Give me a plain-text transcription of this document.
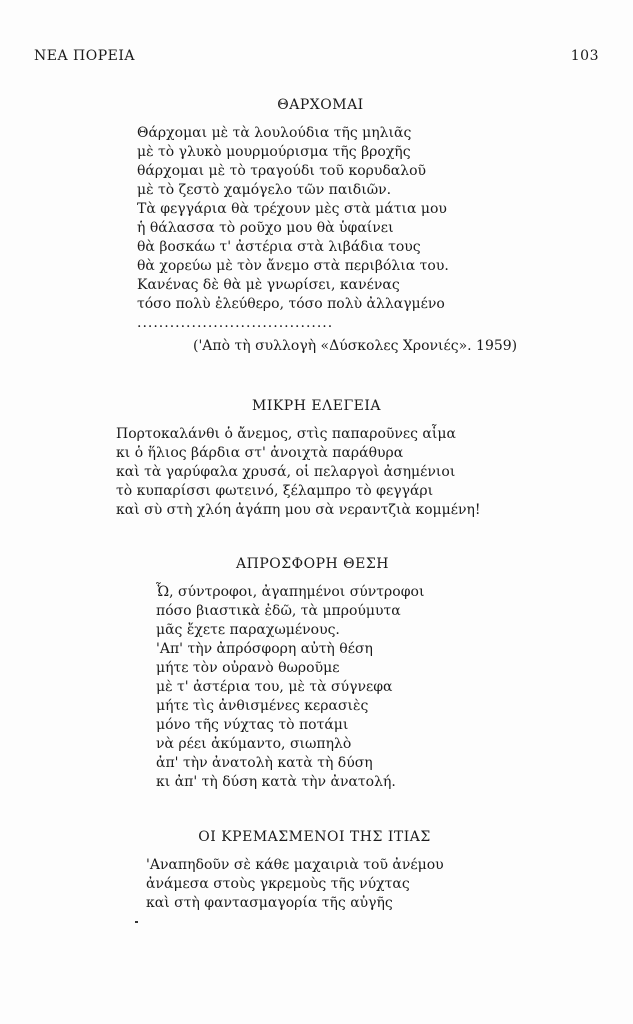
ΝΕΑ ΠΟΡΕΙΑ	103
ΘΑΡΧΟΜΑΙ
Θάρχομαι μὲ τὰ λουλούδια τῆς μηλιᾶς
μὲ τὸ γλυκὸ μουρμούρισμα τῆς βροχῆς
θάρχομαι μὲ τὸ τραγούδι τοῦ κορυδαλοῦ
μὲ τὸ ζεστὸ χαμόγελο τῶν παιδιῶν.
Τὰ φεγγάρια θὰ τρέχουν μὲς στὰ μάτια μου
ἡ θάλασσα τὸ ροῦχο μου θὰ ὑφαίνει
θὰ βοσκάω τ' ἀστέρια στὰ λιβάδια τους
θὰ χορεύω μὲ τὸν ἄνεμο στὰ περιβόλια του.
Κανένας δὲ θὰ μὲ γνωρίσει, κανένας
τόσο πολὺ ἐλεύθερο, τόσο πολὺ ἀλλαγμένο
....................................
('Απὸ τὴ συλλογὴ «Δύσκολες Χρονιές». 1959)
ΜΙΚΡΗ ΕΛΕΓΕΙΑ
Πορτοκαλάνθι ὁ ἄνεμος, στὶς παπαροῦνες αἷμα
κι ὁ ἥλιος βάρδια στ' ἀνοιχτὰ παράθυρα
καὶ τὰ γαρύφαλα χρυσά, οἱ πελαργοὶ ἀσημένιοι
τὸ κυπαρίσσι φωτεινό, ξέλαμπρο τὸ φεγγάρι
καὶ σὺ στὴ χλόη ἀγάπη μου σὰ νεραντζιὰ κομμένη!
ΑΠΡΟΣΦΟΡΗ ΘΕΣΗ
Ὦ, σύντροφοι, ἀγαπημένοι σύντροφοι
πόσο βιαστικὰ ἐδῶ, τὰ μπρούμυτα
μᾶς ἔχετε παραχωμένους.
'Απ' τὴν ἀπρόσφορη αὐτὴ θέση
μήτε τὸν οὐρανὸ θωροῦμε
μὲ τ' ἀστέρια του, μὲ τὰ σύγνεφα
μήτε τὶς ἀνθισμένες κερασιὲς
μόνο τῆς νύχτας τὸ ποτάμι
νὰ ρέει ἀκύμαντο, σιωπηλὸ
ἀπ' τὴν ἀνατολὴ κατὰ τὴ δύση
κι ἀπ' τὴ δύση κατὰ τὴν ἀνατολή.
ΟΙ ΚΡΕΜΑΣΜΕΝΟΙ ΤΗΣ ΙΤΙΑΣ
'Αναπηδοῦν σὲ κάθε μαχαιριὰ τοῦ ἀνέμου
ἀνάμεσα στοὺς γκρεμοὺς τῆς νύχτας
καὶ στὴ φαντασμαγορία τῆς αὐγῆς
